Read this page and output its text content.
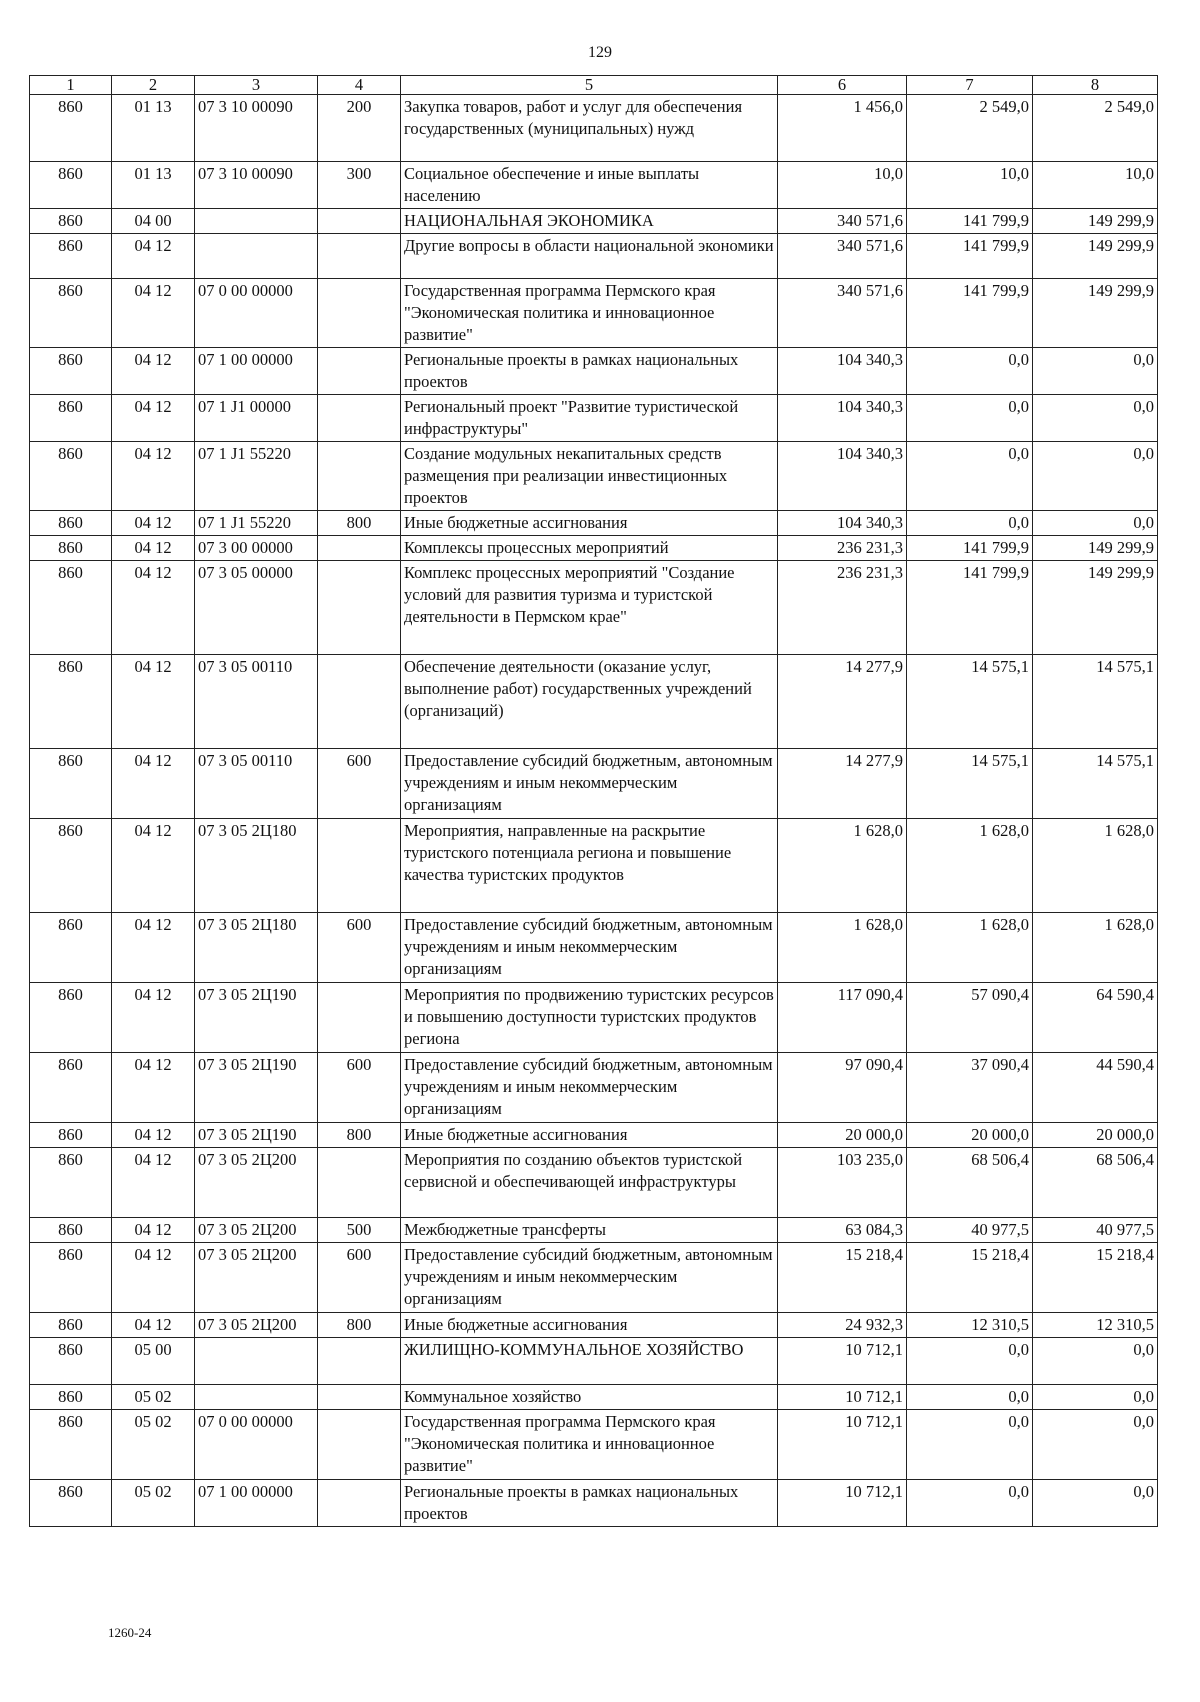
129
1	2	3	4	5	6	7	8
860	01 13	07 3 10 00090	200	Закупка товаров, работ и услуг для обеспечения государственных (муниципальных) нужд	1 456,0	2 549,0	2 549,0
860	01 13	07 3 10 00090	300	Социальное обеспечение и иные выплаты населению	10,0	10,0	10,0
860	04 00			НАЦИОНАЛЬНАЯ ЭКОНОМИКА	340 571,6	141 799,9	149 299,9
860	04 12			Другие вопросы в области национальной экономики	340 571,6	141 799,9	149 299,9
860	04 12	07 0 00 00000		Государственная программа Пермского края "Экономическая политика и инновационное развитие"	340 571,6	141 799,9	149 299,9
860	04 12	07 1 00 00000		Региональные проекты в рамках национальных проектов	104 340,3	0,0	0,0
860	04 12	07 1 J1 00000		Региональный проект "Развитие туристической инфраструктуры"	104 340,3	0,0	0,0
860	04 12	07 1 J1 55220		Создание модульных некапитальных средств размещения при реализации инвестиционных проектов	104 340,3	0,0	0,0
860	04 12	07 1 J1 55220	800	Иные бюджетные ассигнования	104 340,3	0,0	0,0
860	04 12	07 3 00 00000		Комплексы процессных мероприятий	236 231,3	141 799,9	149 299,9
860	04 12	07 3 05 00000		Комплекс процессных мероприятий "Создание условий для развития туризма и туристской деятельности в Пермском крае"	236 231,3	141 799,9	149 299,9
860	04 12	07 3 05 00110		Обеспечение деятельности (оказание услуг, выполнение работ) государственных учреждений (организаций)	14 277,9	14 575,1	14 575,1
860	04 12	07 3 05 00110	600	Предоставление субсидий бюджетным, автономным учреждениям и иным некоммерческим организациям	14 277,9	14 575,1	14 575,1
860	04 12	07 3 05 2Ц180		Мероприятия, направленные на раскрытие туристского потенциала региона и повышение качества туристских продуктов	1 628,0	1 628,0	1 628,0
860	04 12	07 3 05 2Ц180	600	Предоставление субсидий бюджетным, автономным учреждениям и иным некоммерческим организациям	1 628,0	1 628,0	1 628,0
860	04 12	07 3 05 2Ц190		Мероприятия по продвижению туристских ресурсов и повышению доступности туристских продуктов региона	117 090,4	57 090,4	64 590,4
860	04 12	07 3 05 2Ц190	600	Предоставление субсидий бюджетным, автономным учреждениям и иным некоммерческим организациям	97 090,4	37 090,4	44 590,4
860	04 12	07 3 05 2Ц190	800	Иные бюджетные ассигнования	20 000,0	20 000,0	20 000,0
860	04 12	07 3 05 2Ц200		Мероприятия по созданию объектов туристской сервисной и обеспечивающей инфраструктуры	103 235,0	68 506,4	68 506,4
860	04 12	07 3 05 2Ц200	500	Межбюджетные трансферты	63 084,3	40 977,5	40 977,5
860	04 12	07 3 05 2Ц200	600	Предоставление субсидий бюджетным, автономным учреждениям и иным некоммерческим организациям	15 218,4	15 218,4	15 218,4
860	04 12	07 3 05 2Ц200	800	Иные бюджетные ассигнования	24 932,3	12 310,5	12 310,5
860	05 00			ЖИЛИЩНО-КОММУНАЛЬНОЕ ХОЗЯЙСТВО	10 712,1	0,0	0,0
860	05 02			Коммунальное хозяйство	10 712,1	0,0	0,0
860	05 02	07 0 00 00000		Государственная программа Пермского края "Экономическая политика и инновационное развитие"	10 712,1	0,0	0,0
860	05 02	07 1 00 00000		Региональные проекты в рамках национальных проектов	10 712,1	0,0	0,0
1260-24
